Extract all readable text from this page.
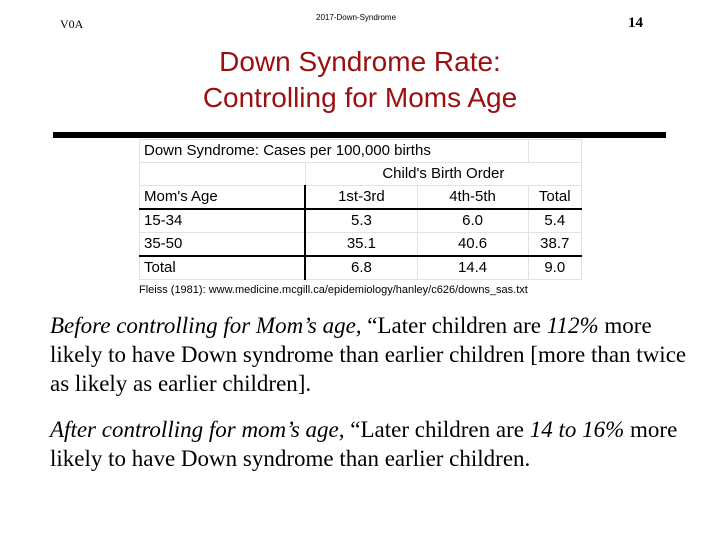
V0A	2017-Down-Syndrome	14
Down Syndrome Rate:
Controlling for Moms Age
Down Syndrome: Cases per 100,000 births			
	Child's Birth Order		
Mom's Age	1st-3rd	4th-5th	Total
15-34	5.3	6.0	5.4
35-50	35.1	40.6	38.7
Total	6.8	14.4	9.0
Fleiss (1981): www.medicine.mcgill.ca/epidemiology/hanley/c626/downs_sas.txt
Before controlling for Mom’s age, “Later children are 112% more likely to have Down syndrome than earlier children [more than twice as likely as earlier children].
After controlling for mom’s age, “Later children are 14 to 16% more likely to have Down syndrome than earlier children.
